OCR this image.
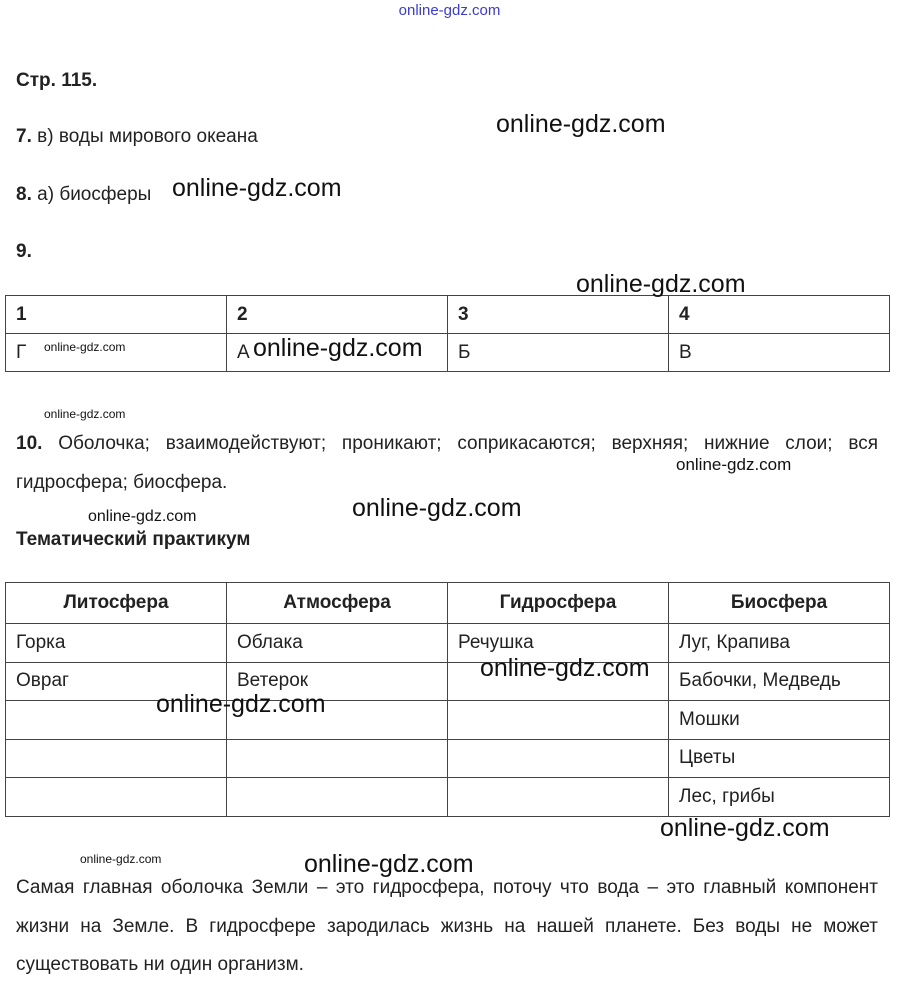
online-gdz.com
Стр. 115.
7. в) воды мирового океана
8. а) биосферы
9.
1	2	3	4
Г	А	Б	В
10. Оболочка; взаимодействуют; проникают; соприкасаются; верхняя; нижние слои; вся гидросфера; биосфера.
Тематический практикум
Литосфера	Атмосфера	Гидросфера	Биосфера
Горка	Облака	Речушка	Луг, Крапива
Овраг	Ветерок		Бабочки, Медведь
			Мошки
			Цветы
			Лес, грибы
Самая главная оболочка Земли – это гидросфера, поточу что вода – это главный компонент жизни на Земле. В гидросфере зародилась жизнь на нашей планете. Без воды не может существовать ни один организм.
online-gdz.com
online-gdz.com
online-gdz.com
online-gdz.com	online-gdz.com
online-gdz.com
online-gdz.com
online-gdz.com	online-gdz.com
online-gdz.com
online-gdz.com
online-gdz.com
online-gdz.com	online-gdz.com
